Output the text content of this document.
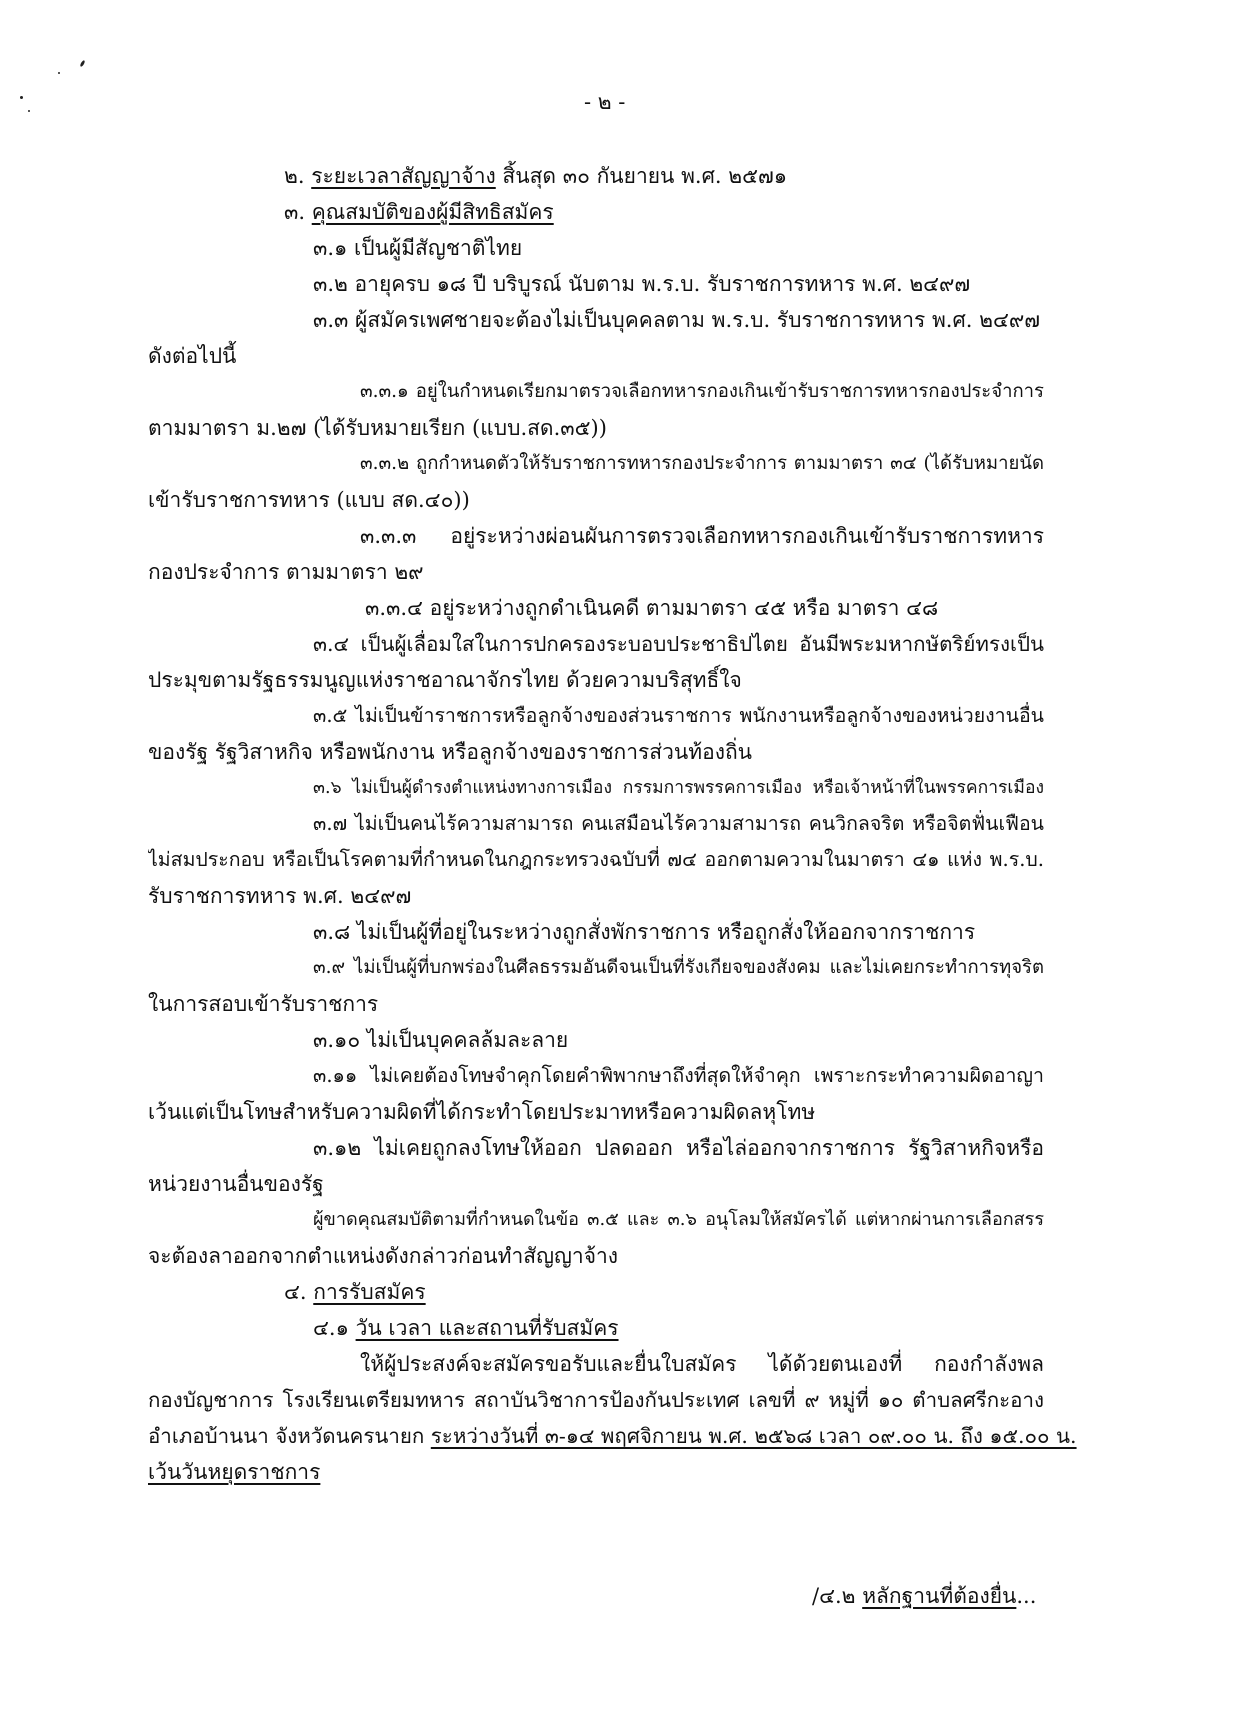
- ๒ -
๒. ระยะเวลาสัญญาจ้าง สิ้นสุด ๓๐ กันยายน พ.ศ. ๒๕๗๑
๓. คุณสมบัติของผู้มีสิทธิสมัคร
๓.๑ เป็นผู้มีสัญชาติไทย
๓.๒ อายุครบ ๑๘ ปี บริบูรณ์ นับตาม พ.ร.บ. รับราชการทหาร พ.ศ. ๒๔๙๗
๓.๓ ผู้สมัครเพศชายจะต้องไม่เป็นบุคคลตาม พ.ร.บ. รับราชการทหาร พ.ศ. ๒๔๙๗
ดังต่อไปนี้
๓.๓.๑ อยู่ในกำหนดเรียกมาตรวจเลือกทหารกองเกินเข้ารับราชการทหารกองประจำการ
ตามมาตรา ม.๒๗ (ได้รับหมายเรียก (แบบ.สด.๓๕))
๓.๓.๒ ถูกกำหนดตัวให้รับราชการทหารกองประจำการ ตามมาตรา ๓๔ (ได้รับหมายนัด
เข้ารับราชการทหาร (แบบ สด.๔๐))
๓.๓.๓ อยู่ระหว่างผ่อนผันการตรวจเลือกทหารกองเกินเข้ารับราชการทหาร
กองประจำการ ตามมาตรา ๒๙
๓.๓.๔ อยู่ระหว่างถูกดำเนินคดี ตามมาตรา ๔๕ หรือ มาตรา ๔๘
๓.๔ เป็นผู้เลื่อมใสในการปกครองระบอบประชาธิปไตย อันมีพระมหากษัตริย์ทรงเป็น
ประมุขตามรัฐธรรมนูญแห่งราชอาณาจักรไทย ด้วยความบริสุทธิ์ใจ
๓.๕ ไม่เป็นข้าราชการหรือลูกจ้างของส่วนราชการ พนักงานหรือลูกจ้างของหน่วยงานอื่น
ของรัฐ รัฐวิสาหกิจ หรือพนักงาน หรือลูกจ้างของราชการส่วนท้องถิ่น
๓.๖ ไม่เป็นผู้ดำรงตำแหน่งทางการเมือง กรรมการพรรคการเมือง หรือเจ้าหน้าที่ในพรรคการเมือง
๓.๗ ไม่เป็นคนไร้ความสามารถ คนเสมือนไร้ความสามารถ คนวิกลจริต หรือจิตฟั่นเฟือน
ไม่สมประกอบ หรือเป็นโรคตามที่กำหนดในกฎกระทรวงฉบับที่ ๗๔ ออกตามความในมาตรา ๔๑ แห่ง พ.ร.บ.
รับราชการทหาร พ.ศ. ๒๔๙๗
๓.๘ ไม่เป็นผู้ที่อยู่ในระหว่างถูกสั่งพักราชการ หรือถูกสั่งให้ออกจากราชการ
๓.๙ ไม่เป็นผู้ที่บกพร่องในศีลธรรมอันดีจนเป็นที่รังเกียจของสังคม และไม่เคยกระทำการทุจริต
ในการสอบเข้ารับราชการ
๓.๑๐ ไม่เป็นบุคคลล้มละลาย
๓.๑๑ ไม่เคยต้องโทษจำคุกโดยคำพิพากษาถึงที่สุดให้จำคุก เพราะกระทำความผิดอาญา
เว้นแต่เป็นโทษสำหรับความผิดที่ได้กระทำโดยประมาทหรือความผิดลหุโทษ
๓.๑๒ ไม่เคยถูกลงโทษให้ออก ปลดออก หรือไล่ออกจากราชการ รัฐวิสาหกิจหรือ
หน่วยงานอื่นของรัฐ
ผู้ขาดคุณสมบัติตามที่กำหนดในข้อ ๓.๕ และ ๓.๖ อนุโลมให้สมัครได้ แต่หากผ่านการเลือกสรร
จะต้องลาออกจากตำแหน่งดังกล่าวก่อนทำสัญญาจ้าง
๔. การรับสมัคร
๔.๑ วัน เวลา และสถานที่รับสมัคร
ให้ผู้ประสงค์จะสมัครขอรับและยื่นใบสมัคร ได้ด้วยตนเองที่ กองกำลังพล
กองบัญชาการ โรงเรียนเตรียมทหาร สถาบันวิชาการป้องกันประเทศ เลขที่ ๙ หมู่ที่ ๑๐ ตำบลศรีกะอาง
อำเภอบ้านนา จังหวัดนครนายก ระหว่างวันที่ ๓-๑๔ พฤศจิกายน พ.ศ. ๒๕๖๘ เวลา ๐๙.๐๐ น. ถึง ๑๕.๐๐ น.
เว้นวันหยุดราชการ
/๔.๒ หลักฐานที่ต้องยื่น...
